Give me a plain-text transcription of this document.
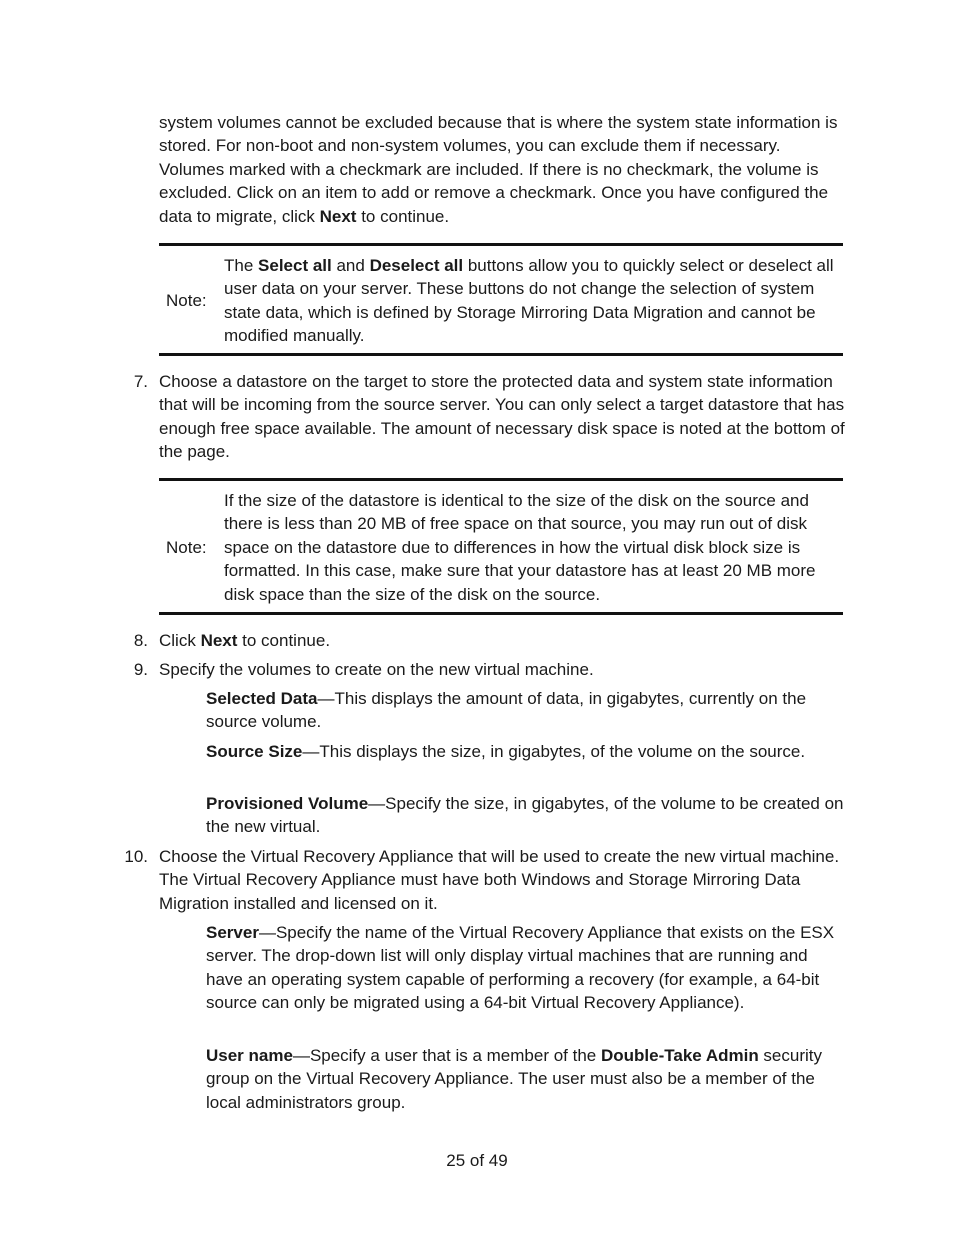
system volumes cannot be excluded because that is where the system state information is stored. For non-boot and non-system volumes, you can exclude them if necessary. Volumes marked with a checkmark are included. If there is no checkmark, the volume is excluded. Click on an item to add or remove a checkmark. Once you have configured the data to migrate, click Next to continue.

Note:

The Select all and Deselect all buttons allow you to quickly select or deselect all user data on your server. These buttons do not change the selection of system state data, which is defined by Storage Mirroring Data Migration and cannot be modified manually.

7. Choose a datastore on the target to store the protected data and system state information that will be incoming from the source server. You can only select a target datastore that has enough free space available. The amount of necessary disk space is noted at the bottom of the page.

Note:

If the size of the datastore is identical to the size of the disk on the source and there is less than 20 MB of free space on that source, you may run out of disk space on the datastore due to differences in how the virtual disk block size is formatted. In this case, make sure that your datastore has at least 20 MB more disk space than the size of the disk on the source.

8. Click Next to continue.

9. Specify the volumes to create on the new virtual machine.

Selected Data—This displays the amount of data, in gigabytes, currently on the source volume.

Source Size—This displays the size, in gigabytes, of the volume on the source.

Provisioned Volume—Specify the size, in gigabytes, of the volume to be created on the new virtual.

10. Choose the Virtual Recovery Appliance that will be used to create the new virtual machine. The Virtual Recovery Appliance must have both Windows and Storage Mirroring Data Migration installed and licensed on it.

Server—Specify the name of the Virtual Recovery Appliance that exists on the ESX server. The drop-down list will only display virtual machines that are running and have an operating system capable of performing a recovery (for example, a 64-bit source can only be migrated using a 64-bit Virtual Recovery Appliance).

User name—Specify a user that is a member of the Double-Take Admin security group on the Virtual Recovery Appliance. The user must also be a member of the local administrators group.

25 of 49
